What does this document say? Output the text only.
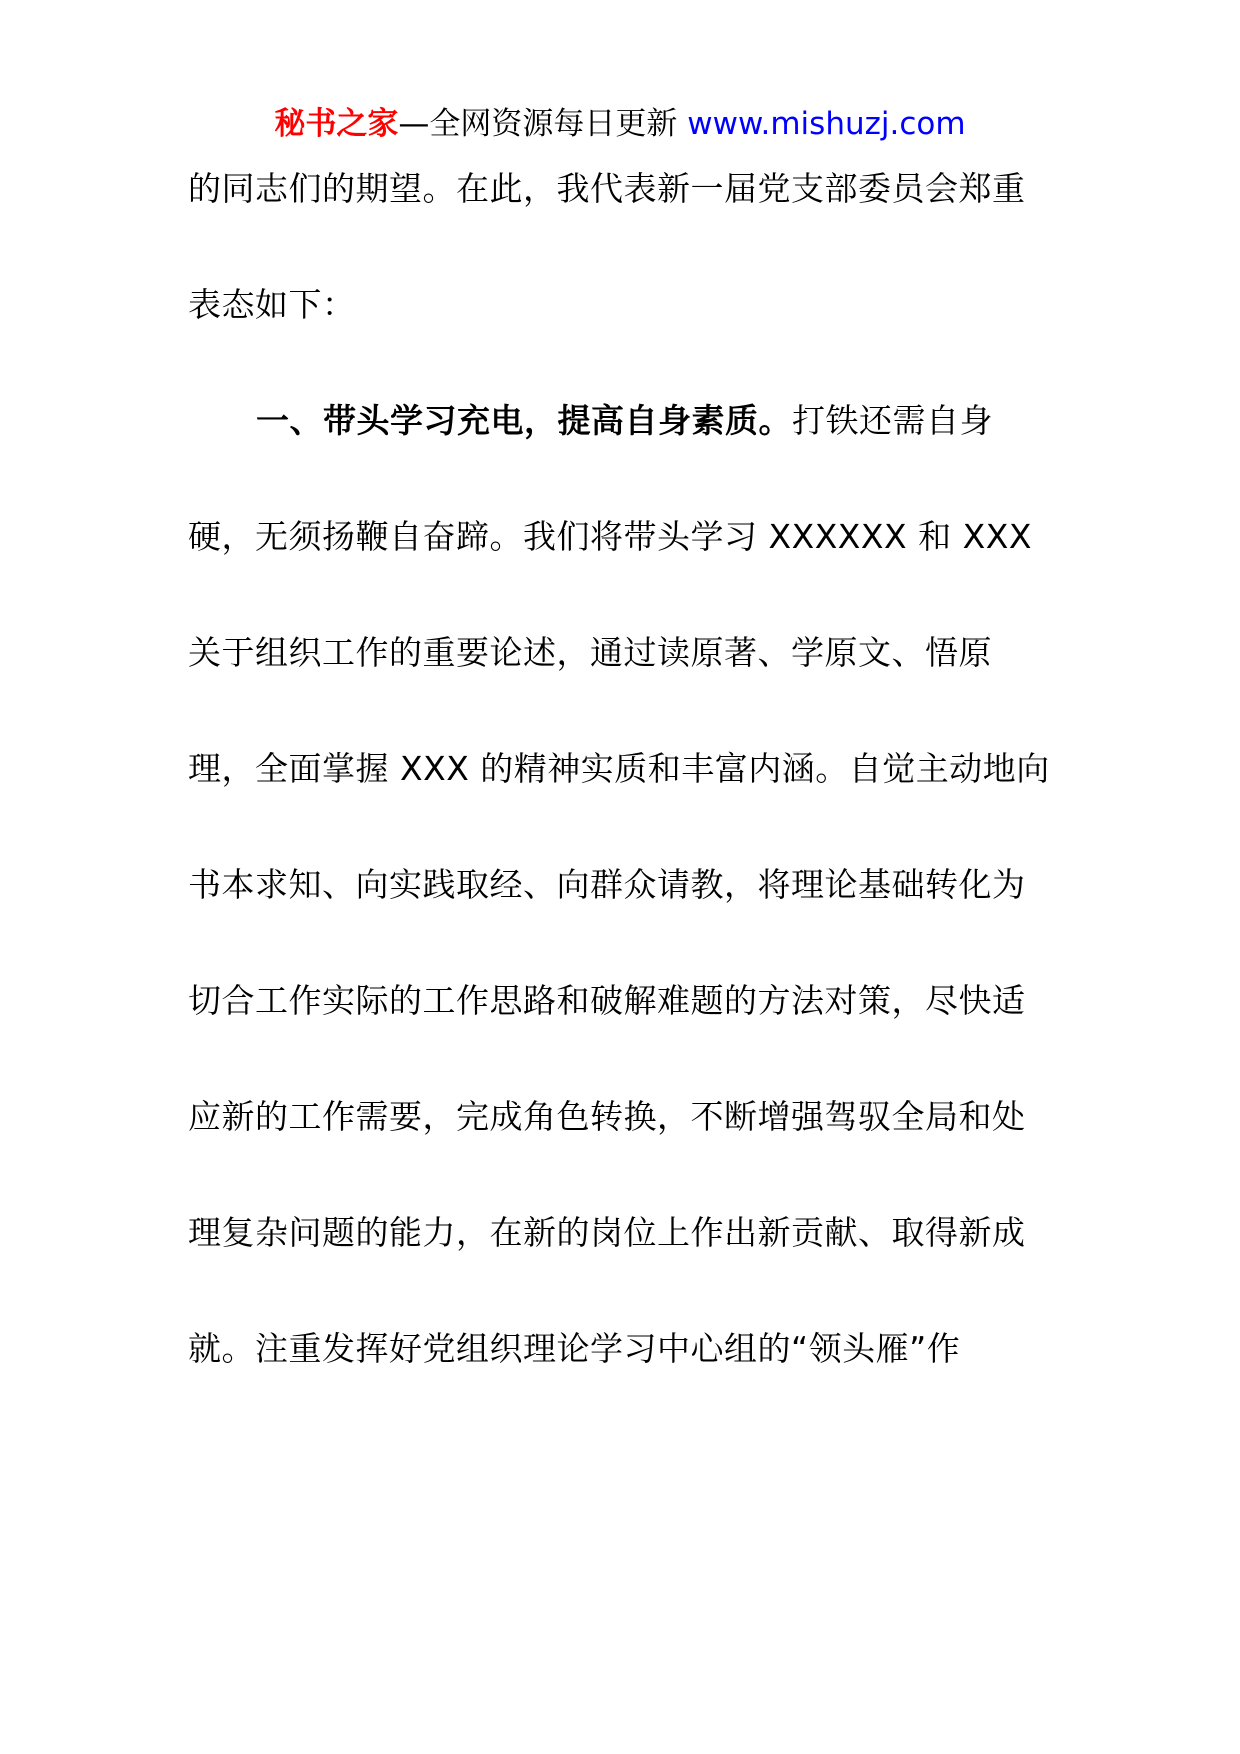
秘书之家—全网资源每日更新 www.mishuzj.com
的同志们的期望。在此，我代表新一届党支部委员会郑重
表态如下：
一、带头学习充电，提高自身素质。打铁还需自身
硬，无须扬鞭自奋蹄。我们将带头学习 XXXXXX 和 XXX
关于组织工作的重要论述，通过读原著、学原文、悟原
理，全面掌握 XXX 的精神实质和丰富内涵。自觉主动地向
书本求知、向实践取经、向群众请教，将理论基础转化为
切合工作实际的工作思路和破解难题的方法对策，尽快适
应新的工作需要，完成角色转换，不断增强驾驭全局和处
理复杂问题的能力，在新的岗位上作出新贡献、取得新成
就。注重发挥好党组织理论学习中心组的“领头雁”作
